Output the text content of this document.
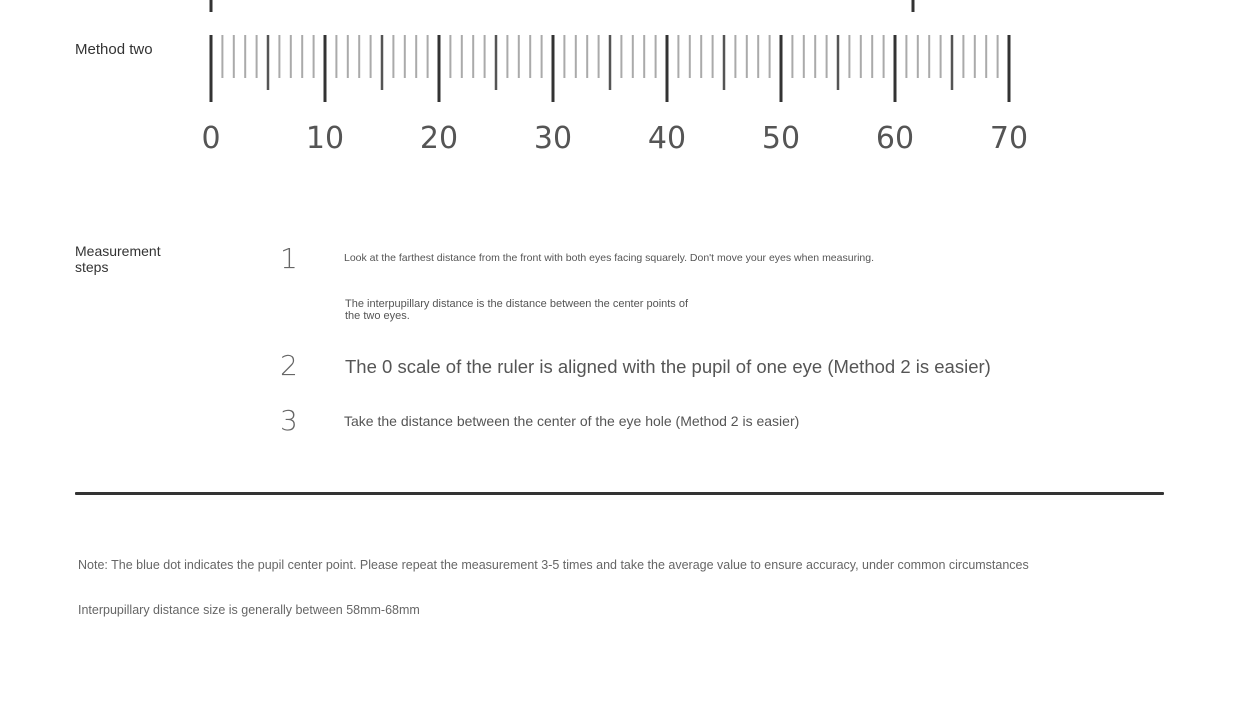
Method two
0	10	20	30	40	50	60	70
Measurement
steps	1	Look at the farthest distance from the front with both eyes facing squarely. Don't move your eyes when measuring.
The interpupillary distance is the distance between the center points of
the two eyes.
2	The 0 scale of the ruler is aligned with the pupil of one eye (Method 2 is easier)
3	Take the distance between the center of the eye hole (Method 2 is easier)
Note: The blue dot indicates the pupil center point. Please repeat the measurement 3-5 times and take the average value to ensure accuracy, under common circumstances
Interpupillary distance size is generally between 58mm-68mm
